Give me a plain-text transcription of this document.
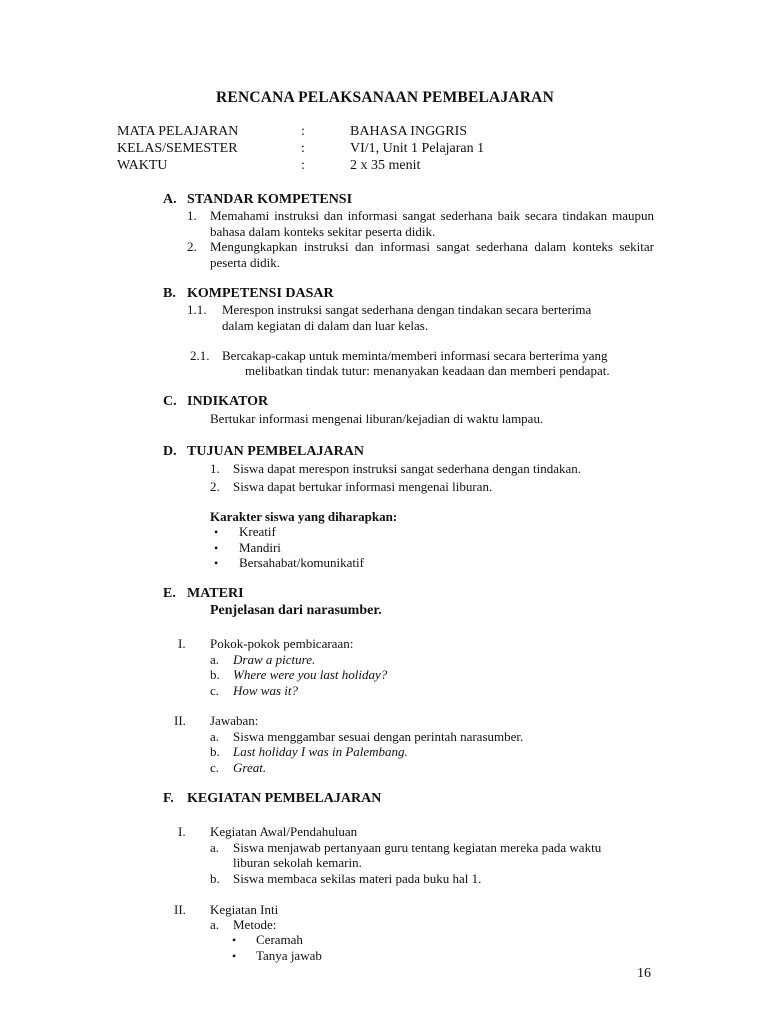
RENCANA PELAKSANAAN PEMBELAJARAN
MATA PELAJARAN	:	BAHASA INGGRIS
KELAS/SEMESTER	:	VI/1, Unit 1 Pelajaran 1
WAKTU	:	2 x 35 menit
A. STANDAR KOMPETENSI
1. Memahami instruksi dan informasi sangat sederhana baik secara tindakan maupun bahasa dalam konteks sekitar peserta didik.
2. Mengungkapkan instruksi dan informasi sangat sederhana dalam konteks sekitar peserta didik.
B. KOMPETENSI DASAR
1.1. Merespon instruksi sangat sederhana dengan tindakan secara berterima
dalam kegiatan di dalam dan luar kelas.
2.1. Bercakap-cakap untuk meminta/memberi informasi secara berterima yang
melibatkan tindak tutur: menanyakan keadaan dan memberi pendapat.
C. INDIKATOR
Bertukar informasi mengenai liburan/kejadian di waktu lampau.
D. TUJUAN PEMBELAJARAN
1. Siswa dapat merespon instruksi sangat sederhana dengan tindakan.
2. Siswa dapat bertukar informasi mengenai liburan.
Karakter siswa yang diharapkan:
• Kreatif
• Mandiri
• Bersahabat/komunikatif
E. MATERI
Penjelasan dari narasumber.
I. Pokok-pokok pembicaraan:
a. Draw a picture.
b. Where were you last holiday?
c. How was it?
II. Jawaban:
a. Siswa menggambar sesuai dengan perintah narasumber.
b. Last holiday I was in Palembang.
c. Great.
F. KEGIATAN PEMBELAJARAN
I. Kegiatan Awal/Pendahuluan
a. Siswa menjawab pertanyaan guru tentang kegiatan mereka pada waktu
liburan sekolah kemarin.
b. Siswa membaca sekilas materi pada buku hal 1.
II. Kegiatan Inti
a. Metode:
• Ceramah
• Tanya jawab
16
